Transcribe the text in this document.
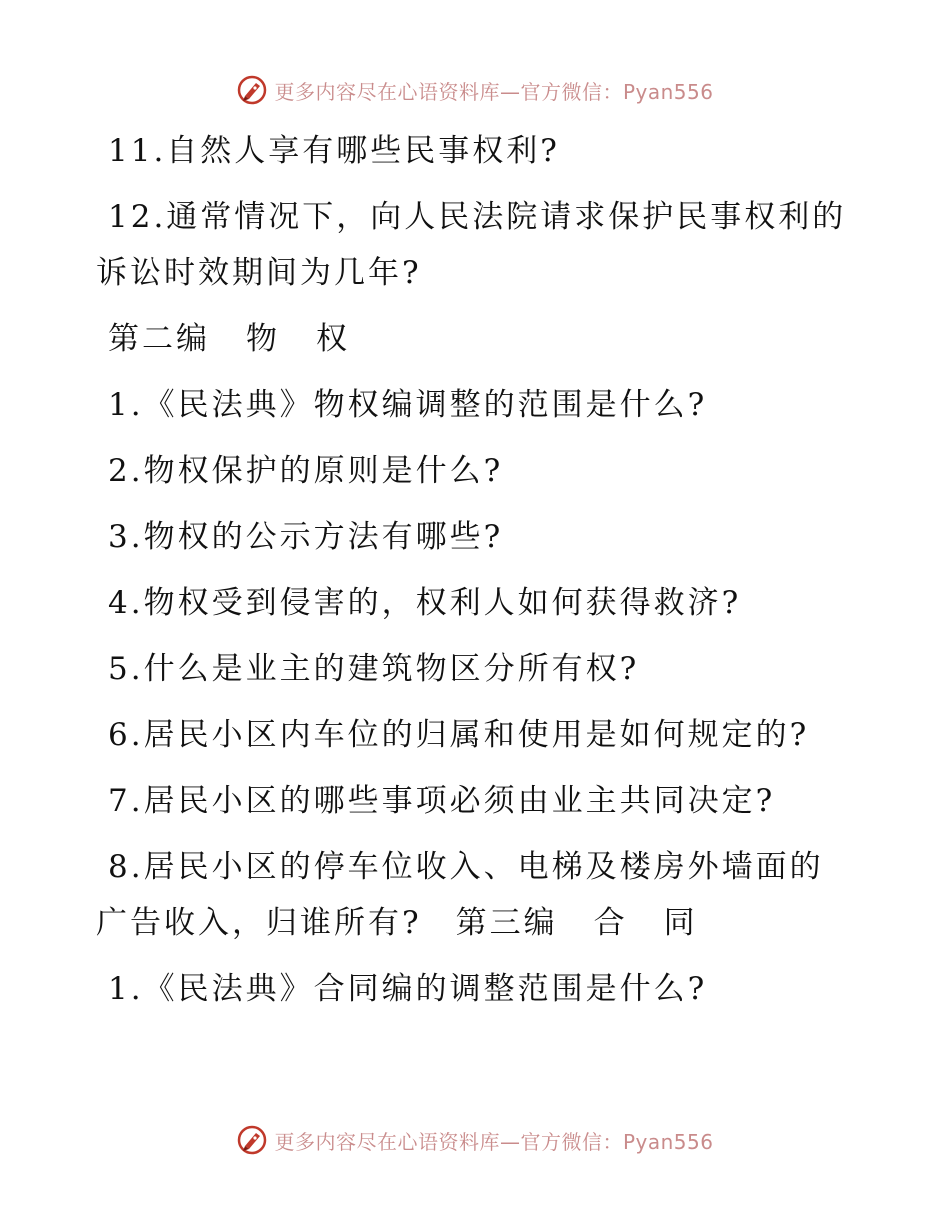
更多内容尽在心语资料库—官方微信：Pyan556

11.自然人享有哪些民事权利?

12.通常情况下，向人民法院请求保护民事权利的

诉讼时效期间为几年?

第二编 物 权

1.《民法典》物权编调整的范围是什么?

2.物权保护的原则是什么?

3.物权的公示方法有哪些?

4.物权受到侵害的，权利人如何获得救济?

5.什么是业主的建筑物区分所有权?

6.居民小区内车位的归属和使用是如何规定的?

7.居民小区的哪些事项必须由业主共同决定?

8.居民小区的停车位收入、电梯及楼房外墙面的

广告收入，归谁所有? 第三编 合 同

1.《民法典》合同编的调整范围是什么?

更多内容尽在心语资料库—官方微信：Pyan556
